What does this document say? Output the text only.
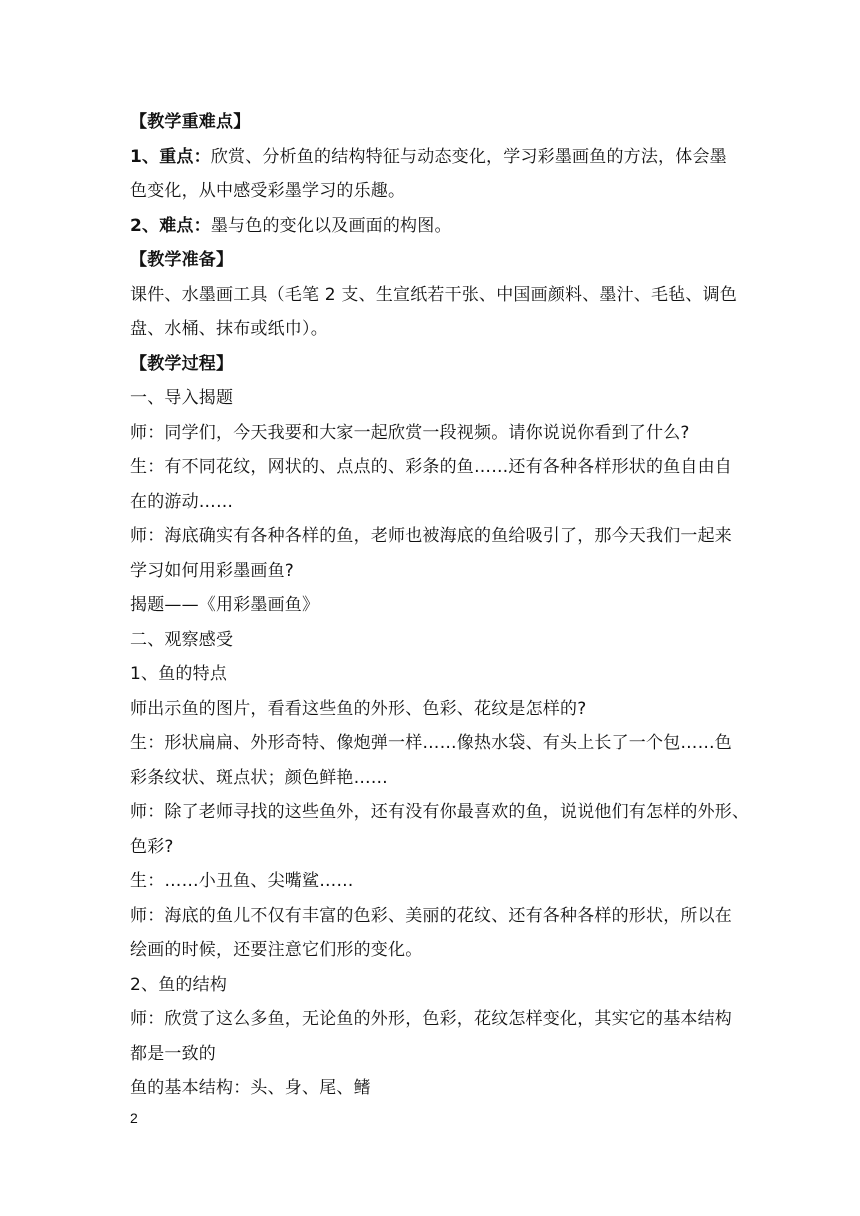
【教学重难点】
1、重点：欣赏、分析鱼的结构特征与动态变化，学习彩墨画鱼的方法，体会墨
色变化，从中感受彩墨学习的乐趣。
2、难点：墨与色的变化以及画面的构图。
【教学准备】
课件、水墨画工具（毛笔 2 支、生宣纸若干张、中国画颜料、墨汁、毛毡、调色
盘、水桶、抹布或纸巾）。
【教学过程】
一、导入揭题
师：同学们，今天我要和大家一起欣赏一段视频。请你说说你看到了什么?
生：有不同花纹，网状的、点点的、彩条的鱼……还有各种各样形状的鱼自由自
在的游动……
师：海底确实有各种各样的鱼，老师也被海底的鱼给吸引了，那今天我们一起来
学习如何用彩墨画鱼?
揭题——《用彩墨画鱼》
二、观察感受
1、鱼的特点
师出示鱼的图片，看看这些鱼的外形、色彩、花纹是怎样的?
生：形状扁扁、外形奇特、像炮弹一样……像热水袋、有头上长了一个包……色
彩条纹状、斑点状；颜色鲜艳……
师：除了老师寻找的这些鱼外，还有没有你最喜欢的鱼，说说他们有怎样的外形、
色彩?
生：……小丑鱼、尖嘴鲨……
师：海底的鱼儿不仅有丰富的色彩、美丽的花纹、还有各种各样的形状，所以在
绘画的时候，还要注意它们形的变化。
2、鱼的结构
师：欣赏了这么多鱼，无论鱼的外形，色彩，花纹怎样变化，其实它的基本结构
都是一致的
鱼的基本结构：头、身、尾、鳍
2
